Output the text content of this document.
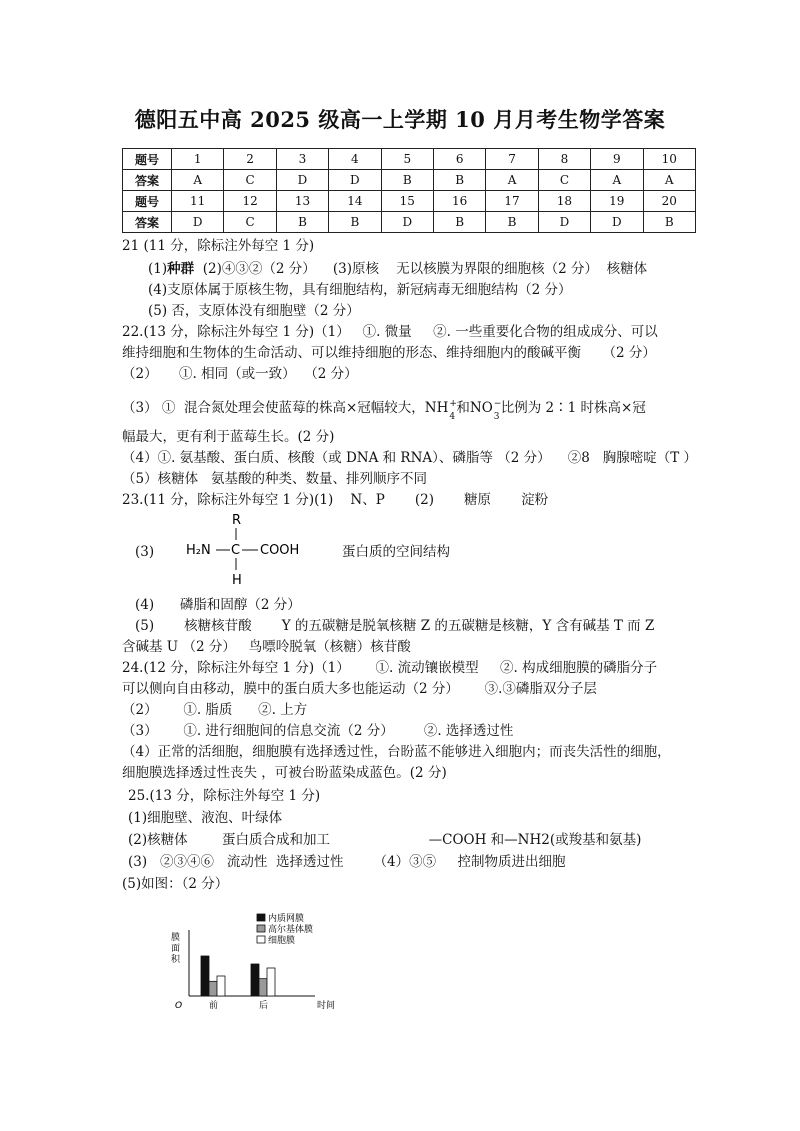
德阳五中高 2025 级高一上学期 10 月月考生物学答案
题号	1	2	3	4	5	6	7	8	9	10
答案	A	C	D	D	B	B	A	C	A	A
题号	11	12	13	14	15	16	17	18	19	20
答案	D	C	B	B	D	B	B	D	D	B
21 (11 分，除标注外每空 1 分)
(1)种群  (2)④③②（2 分）    (3)原核    无以核膜为界限的细胞核（2 分）  核糖体
(4)支原体属于原核生物，具有细胞结构，新冠病毒无细胞结构（2 分）
(5) 否，支原体没有细胞壁（2 分）
22.(13 分，除标注外每空 1 分)（1）   ①. 微量     ②. 一些重要化合物的组成成分、可以
维持细胞和生物体的生命活动、可以维持细胞的形态、维持细胞内的酸碱平衡     （2 分）
（2）     ①. 相同（或一致）  （2 分）
（3） ①  混合氮处理会使蓝莓的株高×冠幅较大，NH +
4
和NO −
3
比例为 2∶1 时株高×冠
幅最大，更有利于蓝莓生长。(2 分)
（4）①. 氨基酸、蛋白质、核酸（或 DNA 和 RNA）、磷脂等 （2 分）    ②8   胸腺嘧啶（T ）
（5）核糖体   氨基酸的种类、数量、排列顺序不同
23.(11 分，除标注外每空 1 分)(1)    N、P       (2)       糖原       淀粉
(3)
R
H₂N C COOH
H
蛋白质的空间结构
(4)      磷脂和固醇（2 分）
(5)       核糖核苷酸       Y 的五碳糖是脱氧核糖 Z 的五碳糖是核糖，Y 含有碱基 T 而 Z
含碱基 U （2 分）   鸟嘌呤脱氧（核糖）核苷酸
24.(12 分，除标注外每空 1 分)（1）      ①. 流动镶嵌模型     ②. 构成细胞膜的磷脂分子
可以侧向自由移动，膜中的蛋白质大多也能运动（2 分）      ③.③磷脂双分子层
（2）      ①. 脂质      ②. 上方
（3）      ①. 进行细胞间的信息交流（2 分）       ②. 选择透过性
（4）正常的活细胞，细胞膜有选择透过性，台盼蓝不能够进入细胞内；而丧失活性的细胞，
细胞膜选择透过性丧失 ，可被台盼蓝染成蓝色。(2 分)
25.(13 分，除标注外每空 1 分)
(1)细胞壁、液泡、叶绿体
(2)核糖体        蛋白质合成和加工                       —COOH 和—NH2(或羧基和氨基)
(3)   ②③④⑥   流动性  选择透过性       （4）③⑤     控制物质进出细胞
(5)如图：（2 分）
膜
面
积
时间
O	前	后
内质网膜
高尔基体膜
细胞膜
